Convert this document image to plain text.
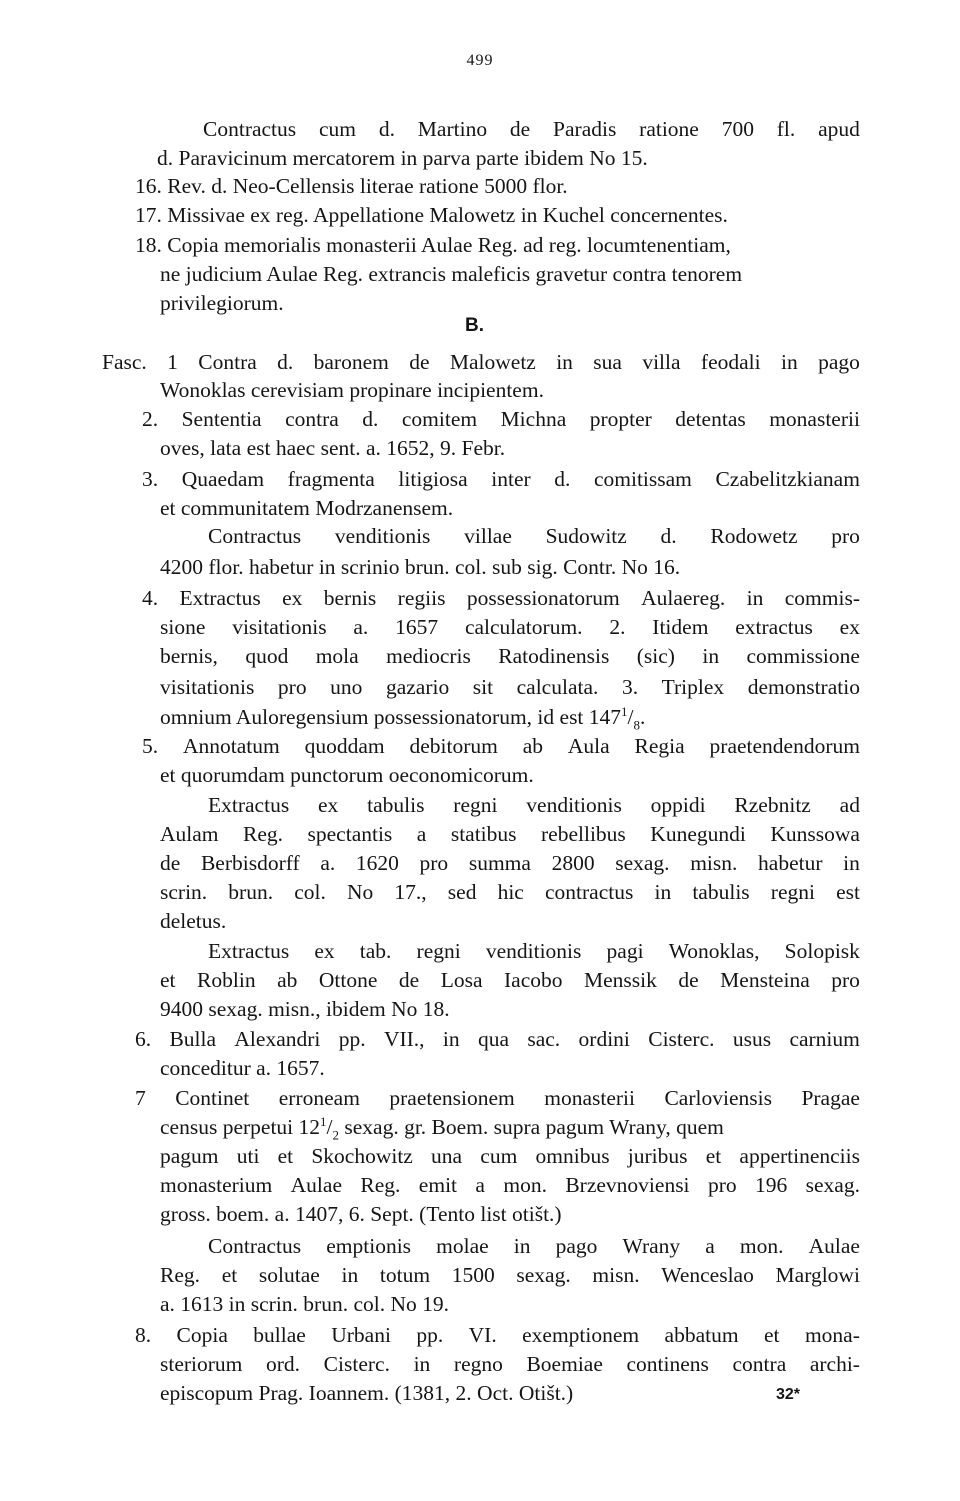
499
Contractus cum d. Martino de Paradis ratione 700 fl. apud
d. Paravicinum mercatorem in parva parte ibidem No 15.
16. Rev. d. Neo-Cellensis literae ratione 5000 flor.
17. Missivae ex reg. Appellatione Malowetz in Kuchel concernentes.
18. Copia memorialis monasterii Aulae Reg. ad reg. locumtenentiam,
ne judicium Aulae Reg. extrancis maleficis gravetur contra tenorem
privilegiorum.
Fasc. 1 Contra d. baronem de Malowetz in sua villa feodali in pago
Wonoklas cerevisiam propinare incipientem.
2. Sententia contra d. comitem Michna propter detentas monasterii
oves, lata est haec sent. a. 1652, 9. Febr.
3. Quaedam fragmenta litigiosa inter d. comitissam Czabelitzkianam
et communitatem Modrzanensem.
Contractus venditionis villae Sudowitz d. Rodowetz pro
4200 flor. habetur in scrinio brun. col. sub sig. Contr. No 16.
4. Extractus ex bernis regiis possessionatorum Aulaereg. in commis-
sione visitationis a. 1657 calculatorum. 2. Itidem extractus ex
bernis, quod mola mediocris Ratodinensis (sic) in commissione
visitationis pro uno gazario sit calculata. 3. Triplex demonstratio
omnium Auloregensium possessionatorum, id est $147^1/_8$.
5. Annotatum quoddam debitorum ab Aula Regia praetendendorum
et quorumdam punctorum oeconomicorum.
Extractus ex tabulis regni venditionis oppidi Rzebnitz ad
Aulam Reg. spectantis a statibus rebellibus Kunegundi Kunssowa
de Berbisdorff a. 1620 pro summa 2800 sexag. misn. habetur in
scrin. brun. col. No 17., sed hic contractus in tabulis regni est
deletus.
Extractus ex tab. regni venditionis pagi Wonoklas, Solopisk
et Roblin ab Ottone de Losa Iacobo Menssik de Mensteina pro
9400 sexag. misn., ibidem No 18.
6. Bulla Alexandri pp. VII., in qua sac. ordini Cisterc. usus carnium
conceditur a. 1657.
7 Continet erroneam praetensionem monasterii Carloviensis Pragae
census perpetui $12^1/_2$ sexag. gr. Boem. supra pagum Wrany, quem
pagum uti et Skochowitz una cum omnibus juribus et appertinenciis
monasterium Aulae Reg. emit a mon. Brzevnoviensi pro 196 sexag.
gross. boem. a. 1407, 6. Sept. (Tento list otišt.)
Contractus emptionis molae in pago Wrany a mon. Aulae
Reg. et solutae in totum 1500 sexag. misn. Wenceslao Marglowi
a. 1613 in scrin. brun. col. No 19.
8. Copia bullae Urbani pp. VI. exemptionem abbatum et mona-
steriorum ord. Cisterc. in regno Boemiae continens contra archi-
episcopum Prag. Ioannem. (1381, 2. Oct. Otišt.)
B.
32*
